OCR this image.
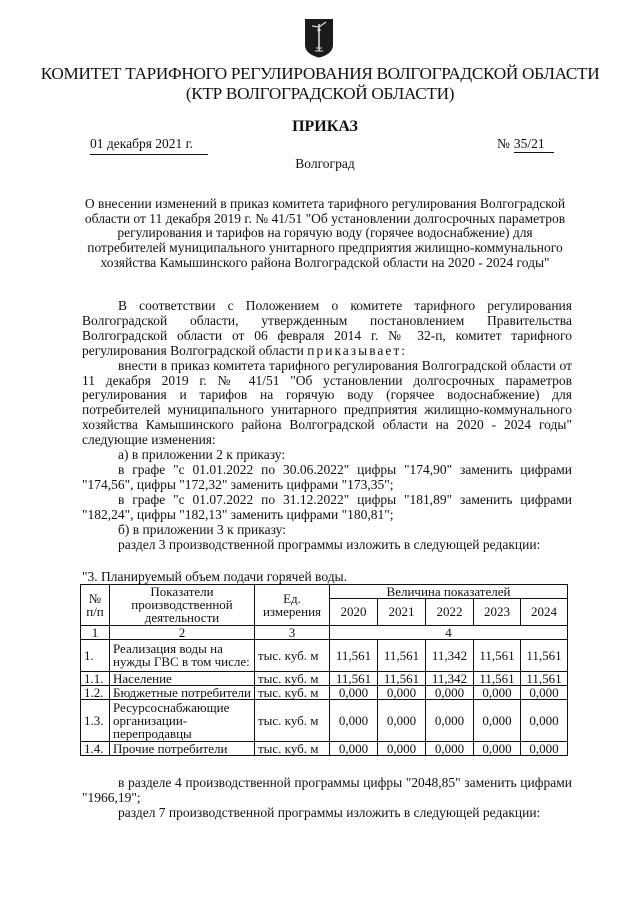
КОМИТЕТ ТАРИФНОГО РЕГУЛИРОВАНИЯ ВОЛГОГРАДСКОЙ ОБЛАСТИ
(КТР ВОЛГОГРАДСКОЙ ОБЛАСТИ)
ПРИКАЗ
01 декабря 2021 г.	№ 35/21
Волгоград
О внесении изменений в приказ комитета тарифного регулирования Волгоградской области от 11 декабря 2019 г. № 41/51 "Об установлении долгосрочных параметров регулирования и тарифов на горячую воду (горячее водоснабжение) для потребителей муниципального унитарного предприятия жилищно-коммунального хозяйства Камышинского района Волгоградской области на 2020 - 2024 годы"

В соответствии с Положением о комитете тарифного регулирования Волгоградской области, утвержденным постановлением Правительства Волгоградской области от 06 февраля 2014 г. № 32-п, комитет тарифного регулирования Волгоградской области приказывает:

внести в приказ комитета тарифного регулирования Волгоградской области от 11 декабря 2019 г. № 41/51 "Об установлении долгосрочных параметров регулирования и тарифов на горячую воду (горячее водоснабжение) для потребителей муниципального унитарного предприятия жилищно-коммунального хозяйства Камышинского района Волгоградской области на 2020 - 2024 годы" следующие изменения:

а) в приложении 2 к приказу:

в графе "с 01.01.2022 по 30.06.2022" цифры "174,90" заменить цифрами "174,56", цифры "172,32" заменить цифрами "173,35";

в графе "с 01.07.2022 по 31.12.2022" цифры "181,89" заменить цифрами "182,24", цифры "182,13" заменить цифрами "180,81";

б) в приложении 3 к приказу:

раздел 3 производственной программы изложить в следующей редакции:

"3. Планируемый объем подачи горячей воды.
№ п/п	Показатели производственной деятельности	Ед. измерения	Величина показателей				
			2020	2021	2022	2023	2024
1	2	3	4				
1.	Реализация воды на нужды ГВС в том числе:	тыс. куб. м	11,561	11,561	11,342	11,561	11,561
1.1.	Население	тыс. куб. м	11,561	11,561	11,342	11,561	11,561
1.2.	Бюджетные потребители	тыс. куб. м	0,000	0,000	0,000	0,000	0,000
1.3.	Ресурсоснабжающие организации-перепродавцы	тыс. куб. м	0,000	0,000	0,000	0,000	0,000
1.4.	Прочие потребители	тыс. куб. м	0,000	0,000	0,000	0,000	0,000

в разделе 4 производственной программы цифры "2048,85" заменить цифрами "1966,19";

раздел 7 производственной программы изложить в следующей редакции:
